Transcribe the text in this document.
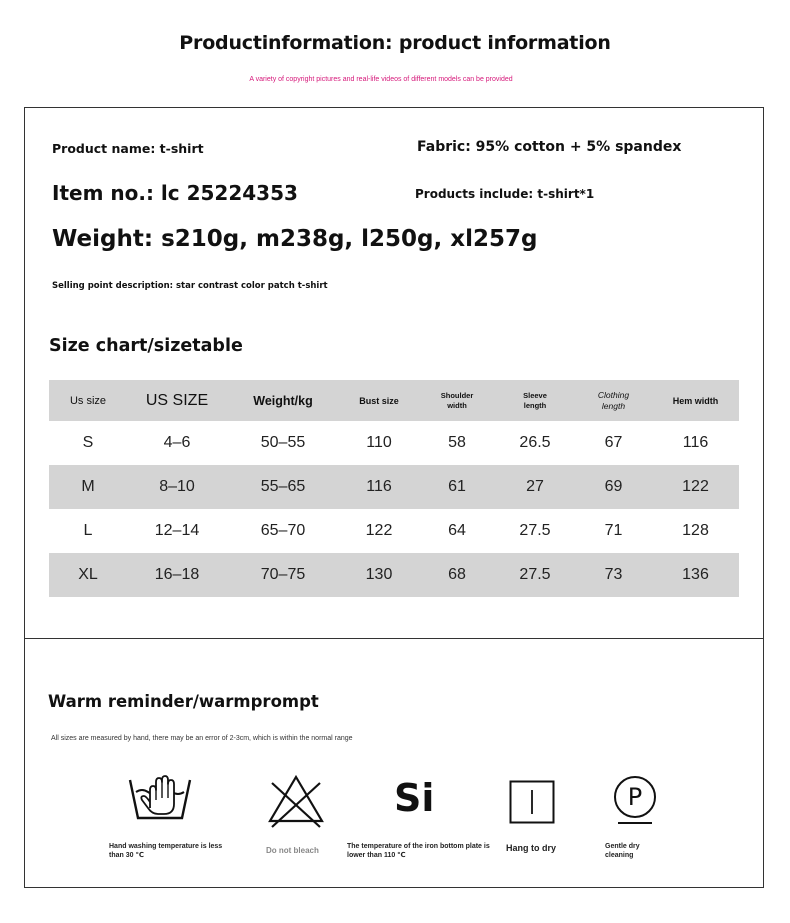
Productinformation: product information
A variety of copyright pictures and real-life videos of different models can be provided
Product name: t-shirt	Fabric: 95% cotton + 5% spandex
Item no.: lc 25224353	Products include: t-shirt*1
Weight: s210g, m238g, l250g, xl257g
Selling point description: star contrast color patch t-shirt
Size chart/sizetable
Us size	US SIZE	Weight/kg	Bust size	Shoulder width	Sleeve length	Clothing length	Hem width
S	4–6	50–55	110	58	26.5	67	116
M	8–10	55–65	116	61	27	69	122
L	12–14	65–70	122	64	27.5	71	128
XL	16–18	70–75	130	68	27.5	73	136
Warm reminder/warmprompt
All sizes are measured by hand, there may be an error of 2-3cm, which is within the normal range
Hand washing temperature is less than 30 ℃
Do not bleach
Si
The temperature of the iron bottom plate is lower than 110 ℃
Hang to dry
P
Gentle dry cleaning
